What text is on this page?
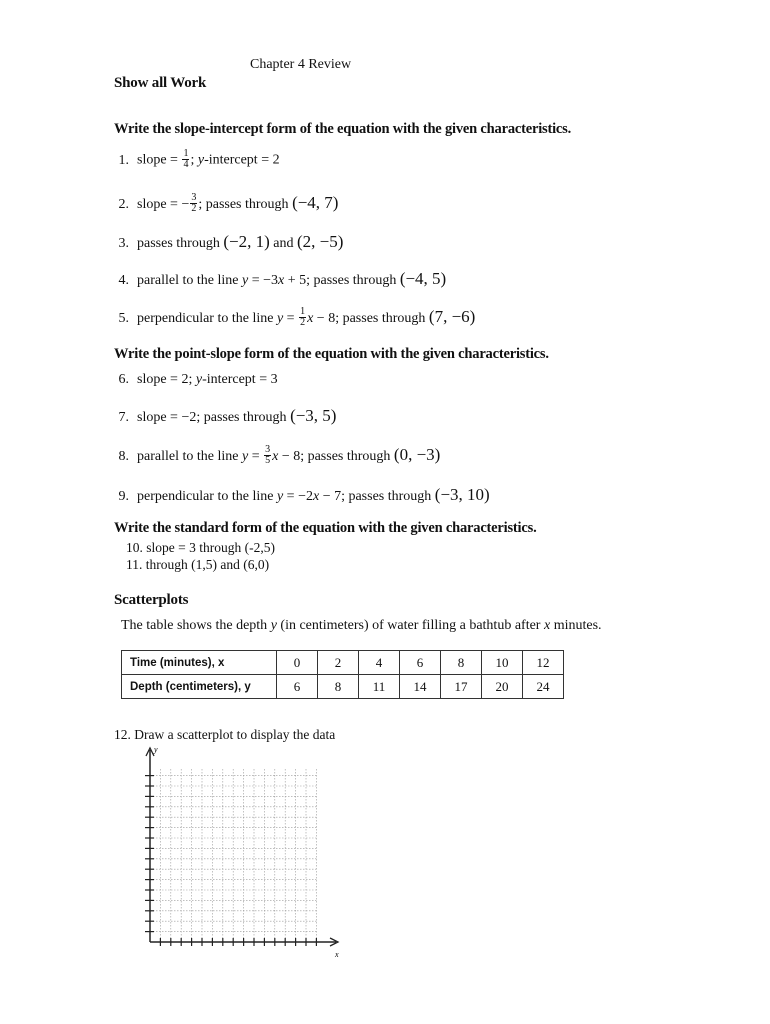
Chapter 4 Review
Show all Work
Write the slope-intercept form of the equation with the given characteristics.
1. slope = $\frac{1}{4}$ ; y-intercept = 2
2. slope = − $\frac{3}{2}$ ; passes through (−4, 7)
3. passes through (−2, 1) and (2, −5)
4. parallel to the line y = −3x + 5; passes through (−4, 5)
5. perpendicular to the line $y = \frac{1}{2}$ x − 8; passes through (7, −6)
Write the point-slope form of the equation with the given characteristics.
6. slope = 2; y-intercept = 3
7. slope = −2; passes through (−3, 5)
8. parallel to the line $y = \frac{3}{5}$ x − 8; passes through (0, −3)
9. perpendicular to the line y = −2x − 7; passes through (−3, 10)
Write the standard form of the equation with the given characteristics.
10. slope = 3 through (-2,5)
11. through (1,5) and (6,0)
Scatterplots
The table shows the depth y (in centimeters) of water filling a bathtub after x minutes.
Time (minutes), x	0	2	4	6	8	10	12
Depth (centimeters), y	6	8	11	14	17	20	24
12. Draw a scatterplot to display the data
y
x
